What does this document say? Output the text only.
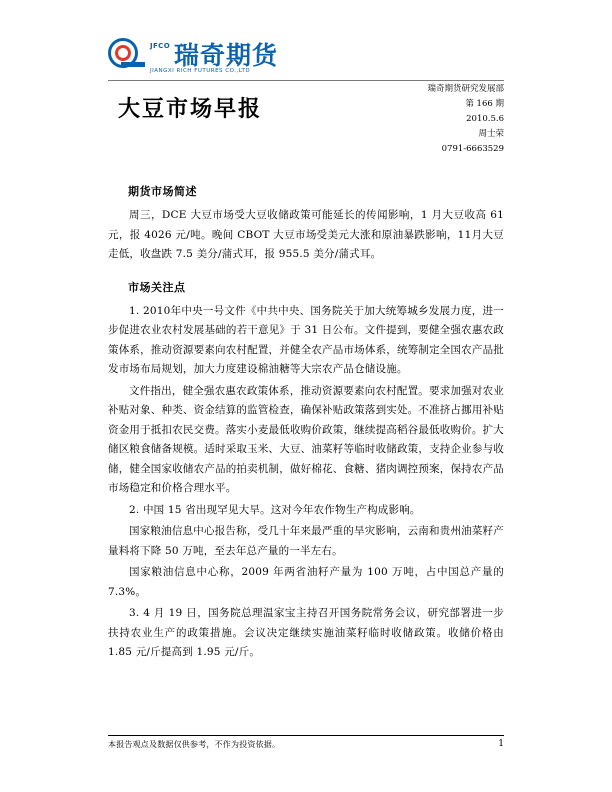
JFCO 瑞奇期货
JIANGXI RICH FUTURES CO.,LTD
大豆市场早报
瑞奇期货研究发展部
第 166 期
2010.5.6
周士荣
0791-6663529
期货市场简述

周三，DCE 大豆市场受大豆收储政策可能延长的传闻影响，1 月大豆收高 61 元，报 4026 元/吨。晚间 CBOT 大豆市场受美元大涨和原油暴跌影响，11月大豆走低，收盘跌 7.5 美分/蒲式耳，报 955.5 美分/蒲式耳。

市场关注点

1. 2010年中央一号文件《中共中央、国务院关于加大统筹城乡发展力度，进一步促进农业农村发展基础的若干意见》于 31 日公布。文件提到，要健全强农惠农政策体系，推动资源要素向农村配置，并健全农产品市场体系，统筹制定全国农产品批发市场布局规划，加大力度建设棉油糖等大宗农产品仓储设施。

文件指出，健全强农惠农政策体系，推动资源要素向农村配置。要求加强对农业补贴对象、种类、资金结算的监管检查，确保补贴政策落到实处。不准挤占挪用补贴资金用于抵扣农民交费。落实小麦最低收购价政策，继续提高稻谷最低收购价。扩大储区粮食储备规模。适时采取玉米、大豆、油菜籽等临时收储政策，支持企业参与收储，健全国家收储农产品的拍卖机制，做好棉花、食糖、猪肉调控预案，保持农产品市场稳定和价格合理水平。

2. 中国 15 省出现罕见大旱。这对今年农作物生产构成影响。

国家粮油信息中心报告称，受几十年来最严重的旱灾影响，云南和贵州油菜籽产量料将下降 50 万吨，至去年总产量的一半左右。

国家粮油信息中心称，2009 年两省油籽产量为 100 万吨，占中国总产量的 7.3%。

3. 4 月 19 日，国务院总理温家宝主持召开国务院常务会议，研究部署进一步扶持农业生产的政策措施。会议决定继续实施油菜籽临时收储政策。收储价格由 1.85 元/斤提高到 1.95 元/斤。

本报告观点及数据仅供参考，不作为投资依据。	1
